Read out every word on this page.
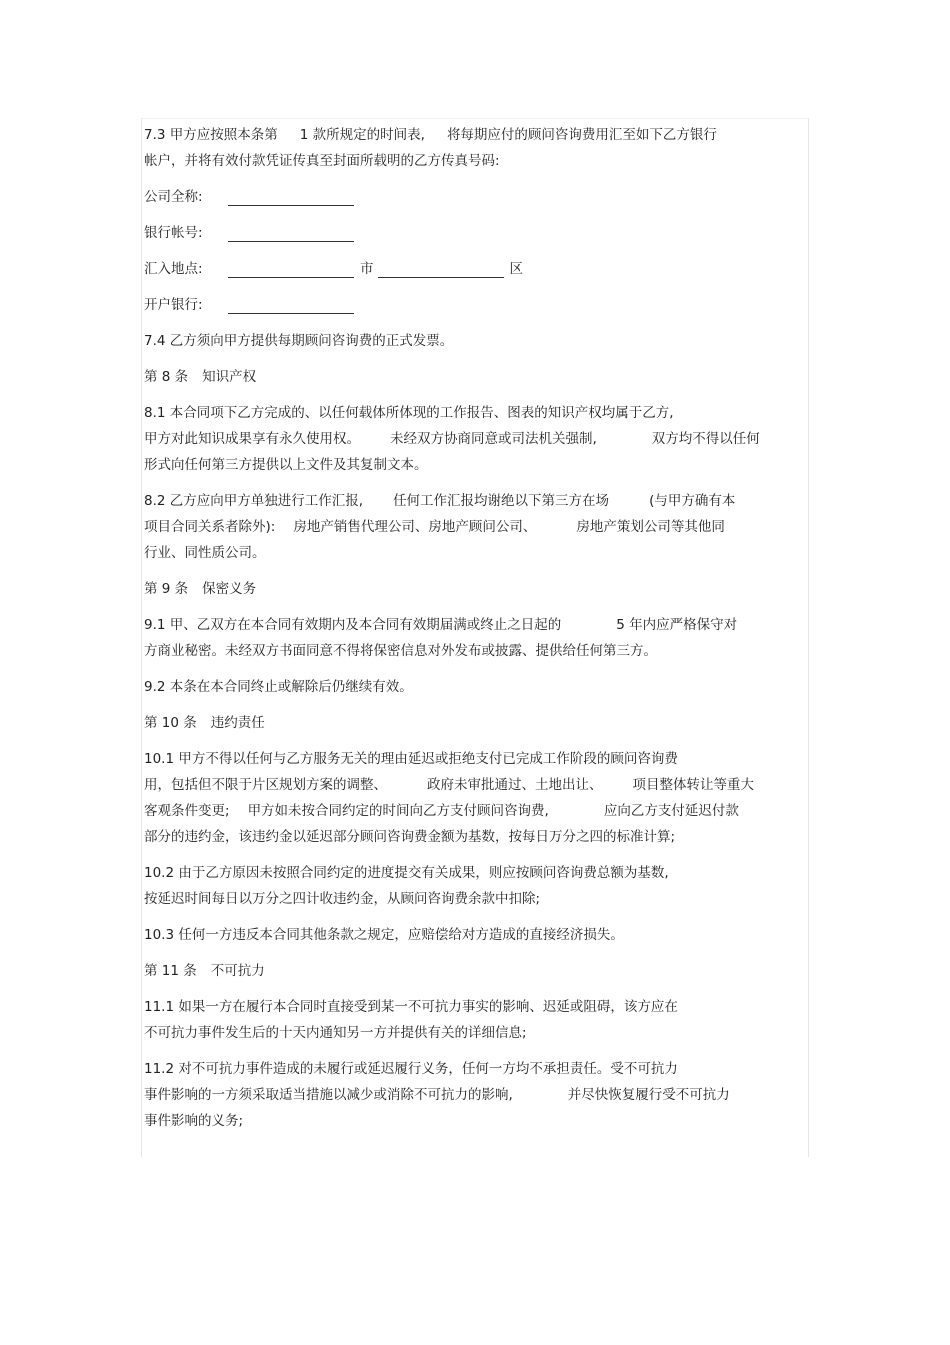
7.3 甲方应按照本条第 1 款所规定的时间表, 将每期应付的顾问咨询费用汇至如下乙方银行
帐户，并将有效付款凭证传真至封面所载明的乙方传真号码:
公司全称:
银行帐号:
汇入地点:	市	区
开户银行:
7.4 乙方须向甲方提供每期顾问咨询费的正式发票。
第 8 条 知识产权
8.1 本合同项下乙方完成的、以任何载体所体现的工作报告、图表的知识产权均属于乙方,
甲方对此知识成果享有永久使用权。 未经双方协商同意或司法机关强制,	双方均不得以任何
形式向任何第三方提供以上文件及其复制文本。
8.2 乙方应向甲方单独进行工作汇报, 任何工作汇报均谢绝以下第三方在场	(与甲方确有本
项目合同关系者除外): 房地产销售代理公司、房地产顾问公司、	房地产策划公司等其他同
行业、同性质公司。
第 9 条 保密义务
9.1 甲、乙双方在本合同有效期内及本合同有效期届满或终止之日起的	5 年内应严格保守对
方商业秘密。未经双方书面同意不得将保密信息对外发布或披露、提供给任何第三方。
9.2 本条在本合同终止或解除后仍继续有效。
第 10 条 违约责任
10.1 甲方不得以任何与乙方服务无关的理由延迟或拒绝支付已完成工作阶段的顾问咨询费
用，包括但不限于片区规划方案的调整、	政府未审批通过、土地出让、 项目整体转让等重大
客观条件变更; 甲方如未按合同约定的时间向乙方支付顾问咨询费,	应向乙方支付延迟付款
部分的违约金，该违约金以延迟部分顾问咨询费金额为基数，按每日万分之四的标准计算;
10.2 由于乙方原因未按照合同约定的进度提交有关成果，则应按顾问咨询费总额为基数,
按延迟时间每日以万分之四计收违约金，从顾问咨询费余款中扣除;
10.3 任何一方违反本合同其他条款之规定，应赔偿给对方造成的直接经济损失。
第 11 条 不可抗力
11.1 如果一方在履行本合同时直接受到某一不可抗力事实的影响、迟延或阻碍，该方应在
不可抗力事件发生后的十天内通知另一方并提供有关的详细信息;
11.2 对不可抗力事件造成的未履行或延迟履行义务，任何一方均不承担责任。受不可抗力
事件影响的一方须采取适当措施以减少或消除不可抗力的影响,	并尽快恢复履行受不可抗力
事件影响的义务;
